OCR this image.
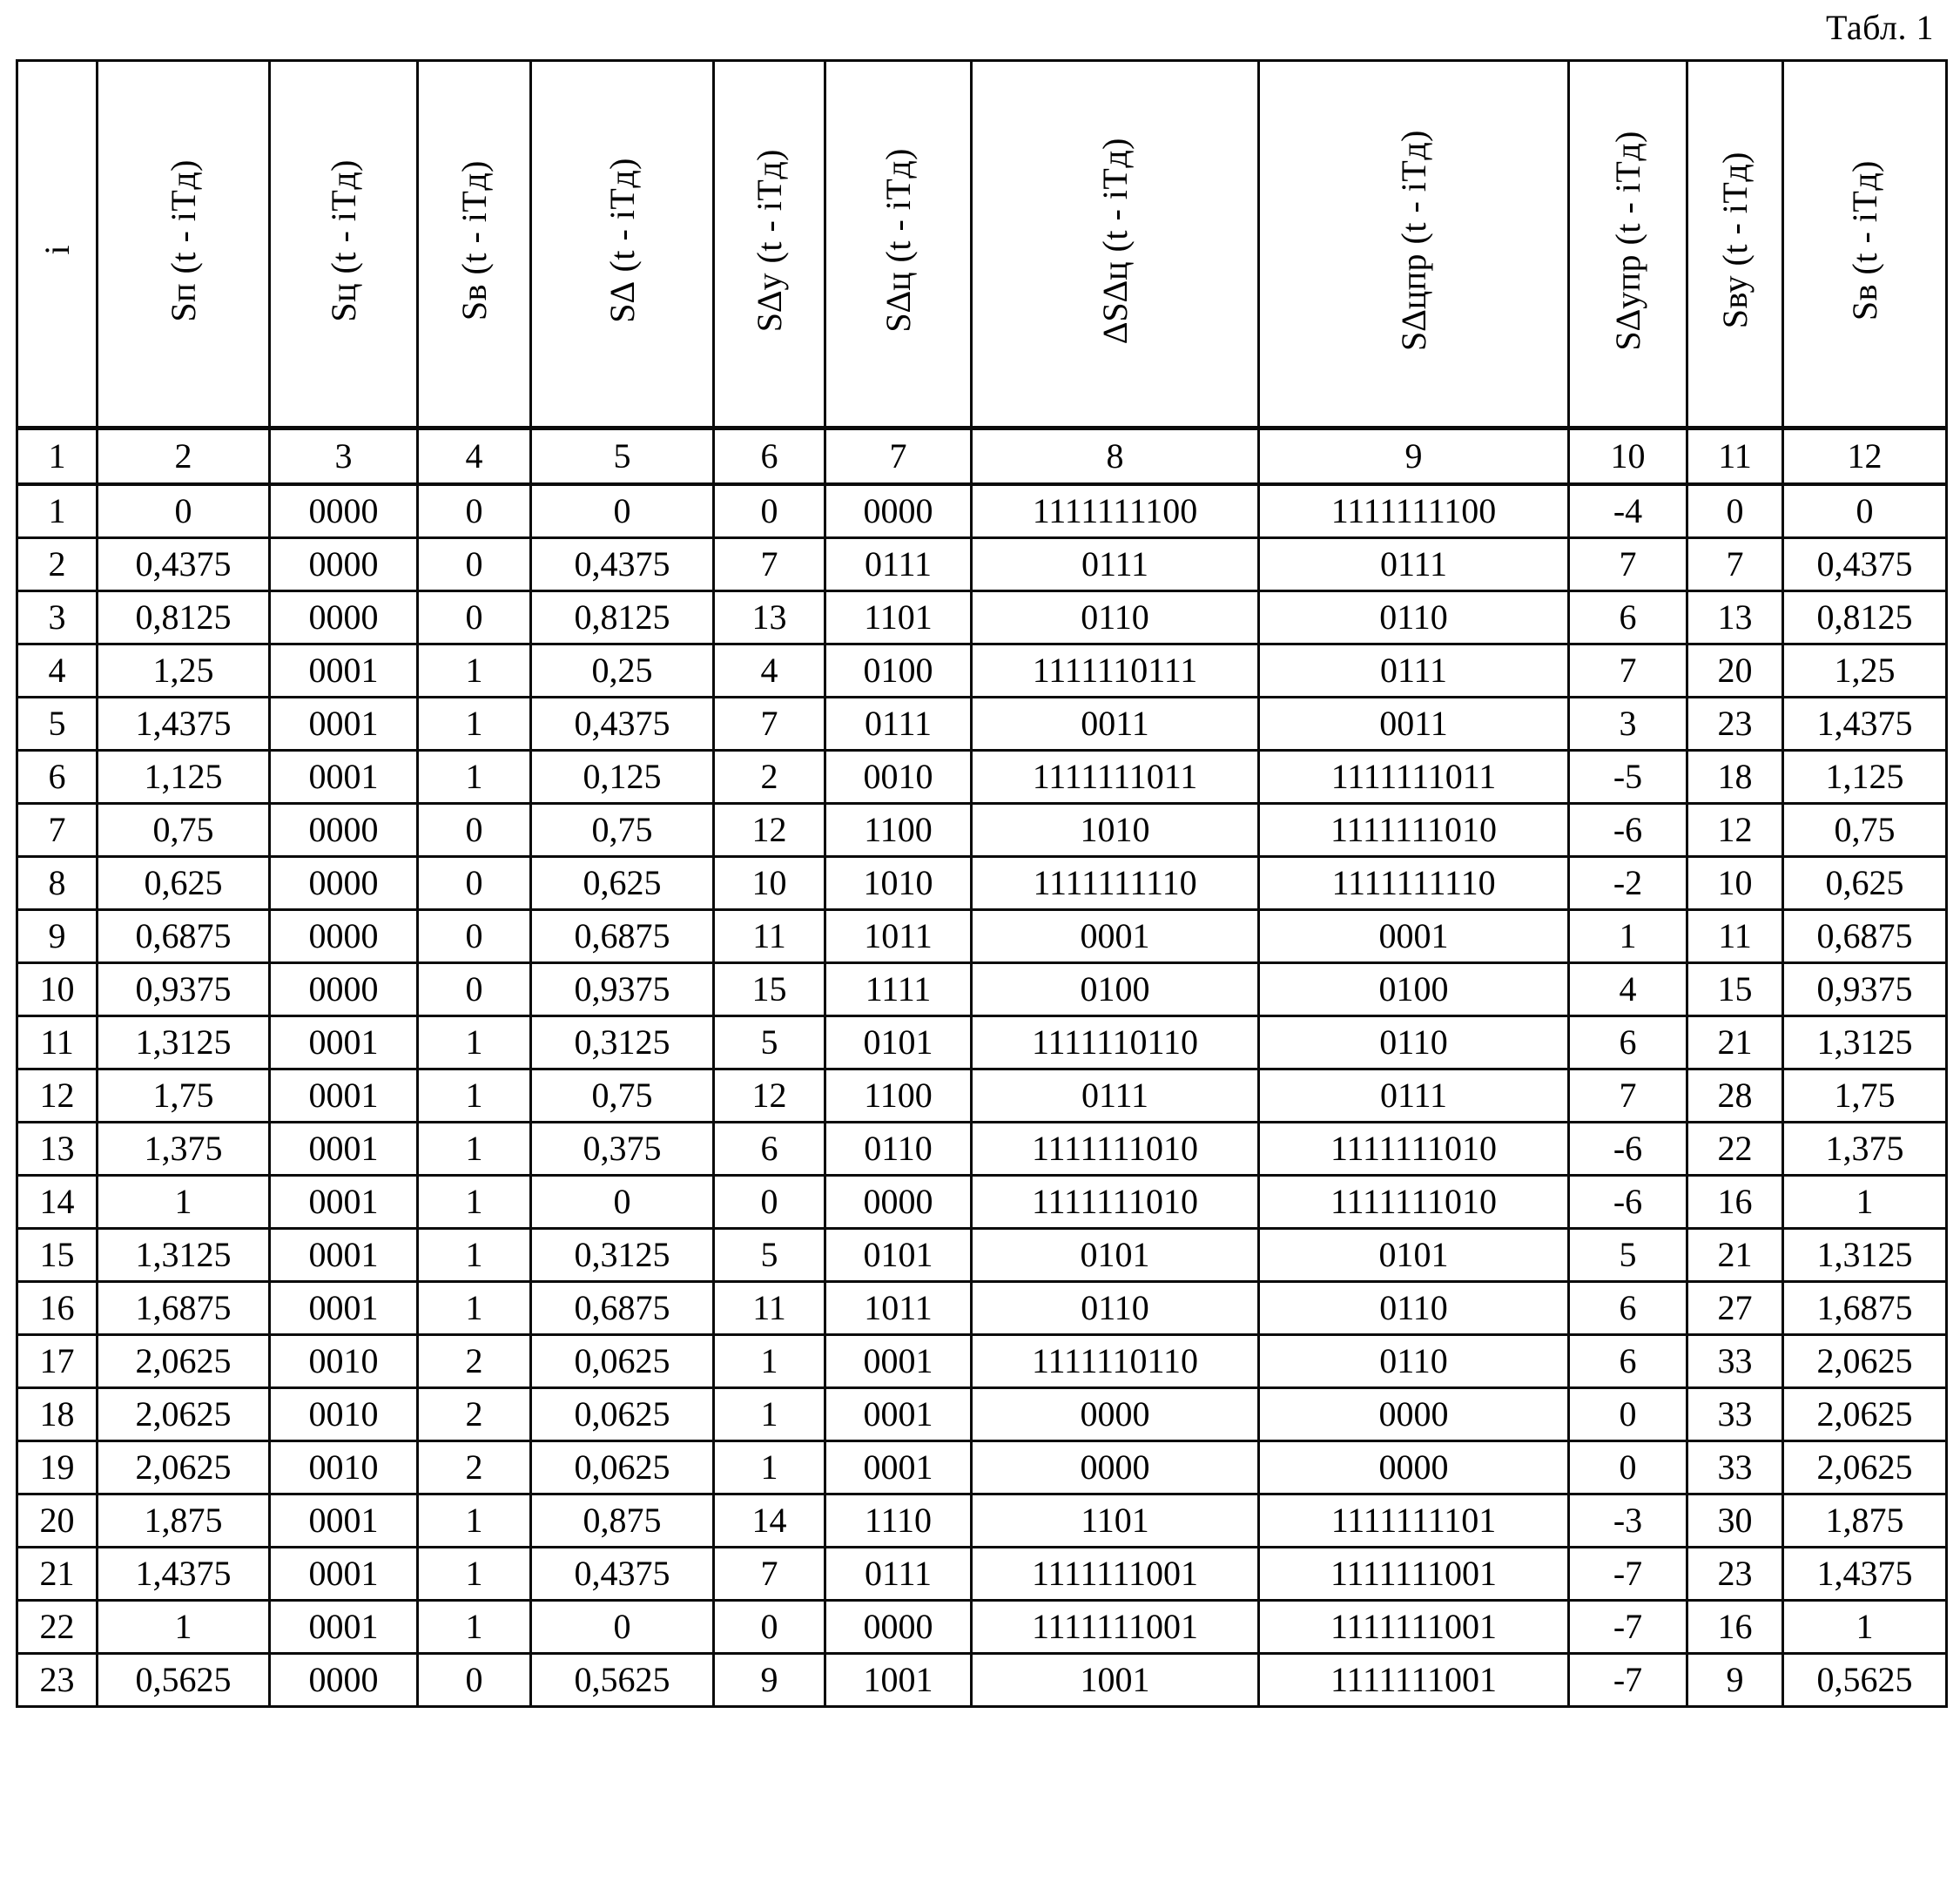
Табл. 1
i	Sп (t - iTд)	Sц (t - iTд)	Sв (t - iTд)	S∆ (t - iTд)	S∆у (t - iTд)	S∆ц (t - iTд)	∆S∆ц (t - iTд)	S∆цпр (t - iTд)	S∆упр (t - iTд)	Sву (t - iTд)	Sв (t - iTд)
1	2	3	4	5	6	7	8	9	10	11	12
1	0	0000	0	0	0	0000	1111111100	1111111100	-4	0	0
2	0,4375	0000	0	0,4375	7	0111	0111	0111	7	7	0,4375
3	0,8125	0000	0	0,8125	13	1101	0110	0110	6	13	0,8125
4	1,25	0001	1	0,25	4	0100	1111110111	0111	7	20	1,25
5	1,4375	0001	1	0,4375	7	0111	0011	0011	3	23	1,4375
6	1,125	0001	1	0,125	2	0010	1111111011	1111111011	-5	18	1,125
7	0,75	0000	0	0,75	12	1100	1010	1111111010	-6	12	0,75
8	0,625	0000	0	0,625	10	1010	1111111110	1111111110	-2	10	0,625
9	0,6875	0000	0	0,6875	11	1011	0001	0001	1	11	0,6875
10	0,9375	0000	0	0,9375	15	1111	0100	0100	4	15	0,9375
11	1,3125	0001	1	0,3125	5	0101	1111110110	0110	6	21	1,3125
12	1,75	0001	1	0,75	12	1100	0111	0111	7	28	1,75
13	1,375	0001	1	0,375	6	0110	1111111010	1111111010	-6	22	1,375
14	1	0001	1	0	0	0000	1111111010	1111111010	-6	16	1
15	1,3125	0001	1	0,3125	5	0101	0101	0101	5	21	1,3125
16	1,6875	0001	1	0,6875	11	1011	0110	0110	6	27	1,6875
17	2,0625	0010	2	0,0625	1	0001	1111110110	0110	6	33	2,0625
18	2,0625	0010	2	0,0625	1	0001	0000	0000	0	33	2,0625
19	2,0625	0010	2	0,0625	1	0001	0000	0000	0	33	2,0625
20	1,875	0001	1	0,875	14	1110	1101	1111111101	-3	30	1,875
21	1,4375	0001	1	0,4375	7	0111	1111111001	1111111001	-7	23	1,4375
22	1	0001	1	0	0	0000	1111111001	1111111001	-7	16	1
23	0,5625	0000	0	0,5625	9	1001	1001	1111111001	-7	9	0,5625
